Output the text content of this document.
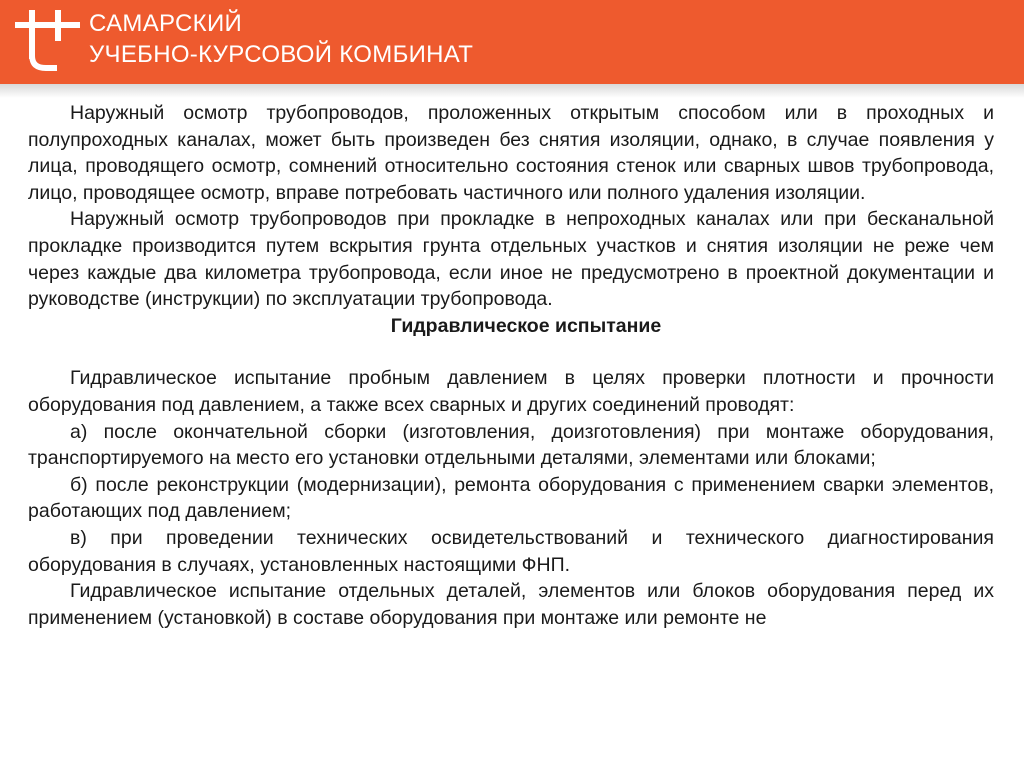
САМАРСКИЙ
УЧЕБНО-КУРСОВОЙ КОМБИНАТ

Наружный осмотр трубопроводов, проложенных открытым способом или в проходных и полупроходных каналах, может быть произведен без снятия изоляции, однако, в случае появления у лица, проводящего осмотр, сомнений относительно состояния стенок или сварных швов трубопровода, лицо, проводящее осмотр, вправе потребовать частичного или полного удаления изоляции.

Наружный осмотр трубопроводов при прокладке в непроходных каналах или при бесканальной прокладке производится путем вскрытия грунта отдельных участков и снятия изоляции не реже чем через каждые два километра трубопровода, если иное не предусмотрено в проектной документации и руководстве (инструкции) по эксплуатации трубопровода.

Гидравлическое испытание

Гидравлическое испытание пробным давлением в целях проверки плотности и прочности оборудования под давлением, а также всех сварных и других соединений проводят:

а) после окончательной сборки (изготовления, доизготовления) при монтаже оборудования, транспортируемого на место его установки отдельными деталями, элементами или блоками;

б) после реконструкции (модернизации), ремонта оборудования с применением сварки элементов, работающих под давлением;

в) при проведении технических освидетельствований и технического диагностирования оборудования в случаях, установленных настоящими ФНП.

Гидравлическое испытание отдельных деталей, элементов или блоков оборудования перед их применением (установкой) в составе оборудования при монтаже или ремонте не
